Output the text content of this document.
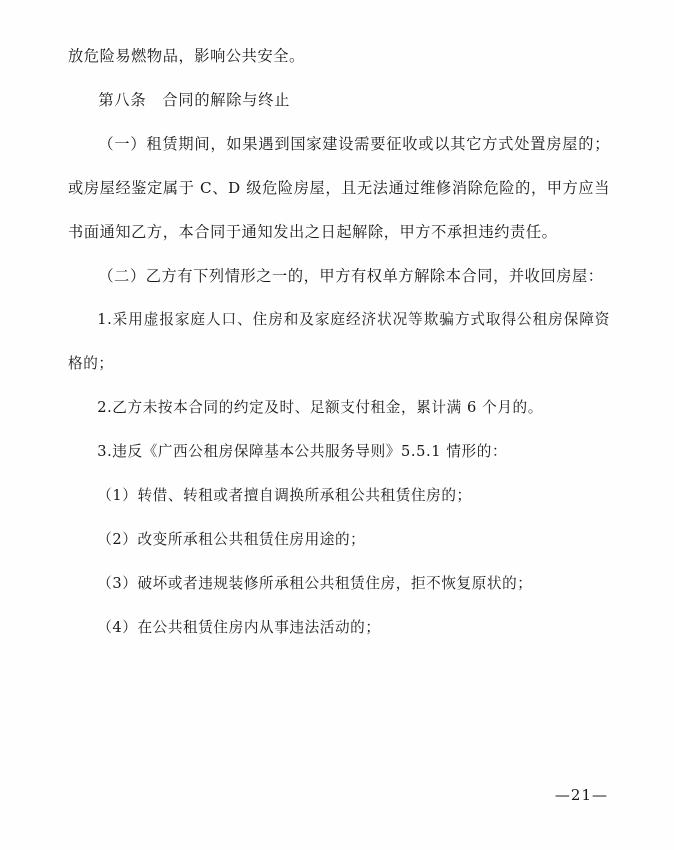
放危险易燃物品，影响公共安全。

第八条　合同的解除与终止

（一）租赁期间，如果遇到国家建设需要征收或以其它方式处置房屋的；或房屋经鉴定属于 C、D 级危险房屋，且无法通过维修消除危险的，甲方应当书面通知乙方，本合同于通知发出之日起解除，甲方不承担违约责任。

（二）乙方有下列情形之一的，甲方有权单方解除本合同，并收回房屋：

1.采用虚报家庭人口、住房和及家庭经济状况等欺骗方式取得公租房保障资格的；

2.乙方未按本合同的约定及时、足额支付租金，累计满 6 个月的。

3.违反《广西公租房保障基本公共服务导则》5.5.1 情形的：

（1）转借、转租或者擅自调换所承租公共租赁住房的；

（2）改变所承租公共租赁住房用途的；

（3）破坏或者违规装修所承租公共租赁住房，拒不恢复原状的；

（4）在公共租赁住房内从事违法活动的；

—21—
